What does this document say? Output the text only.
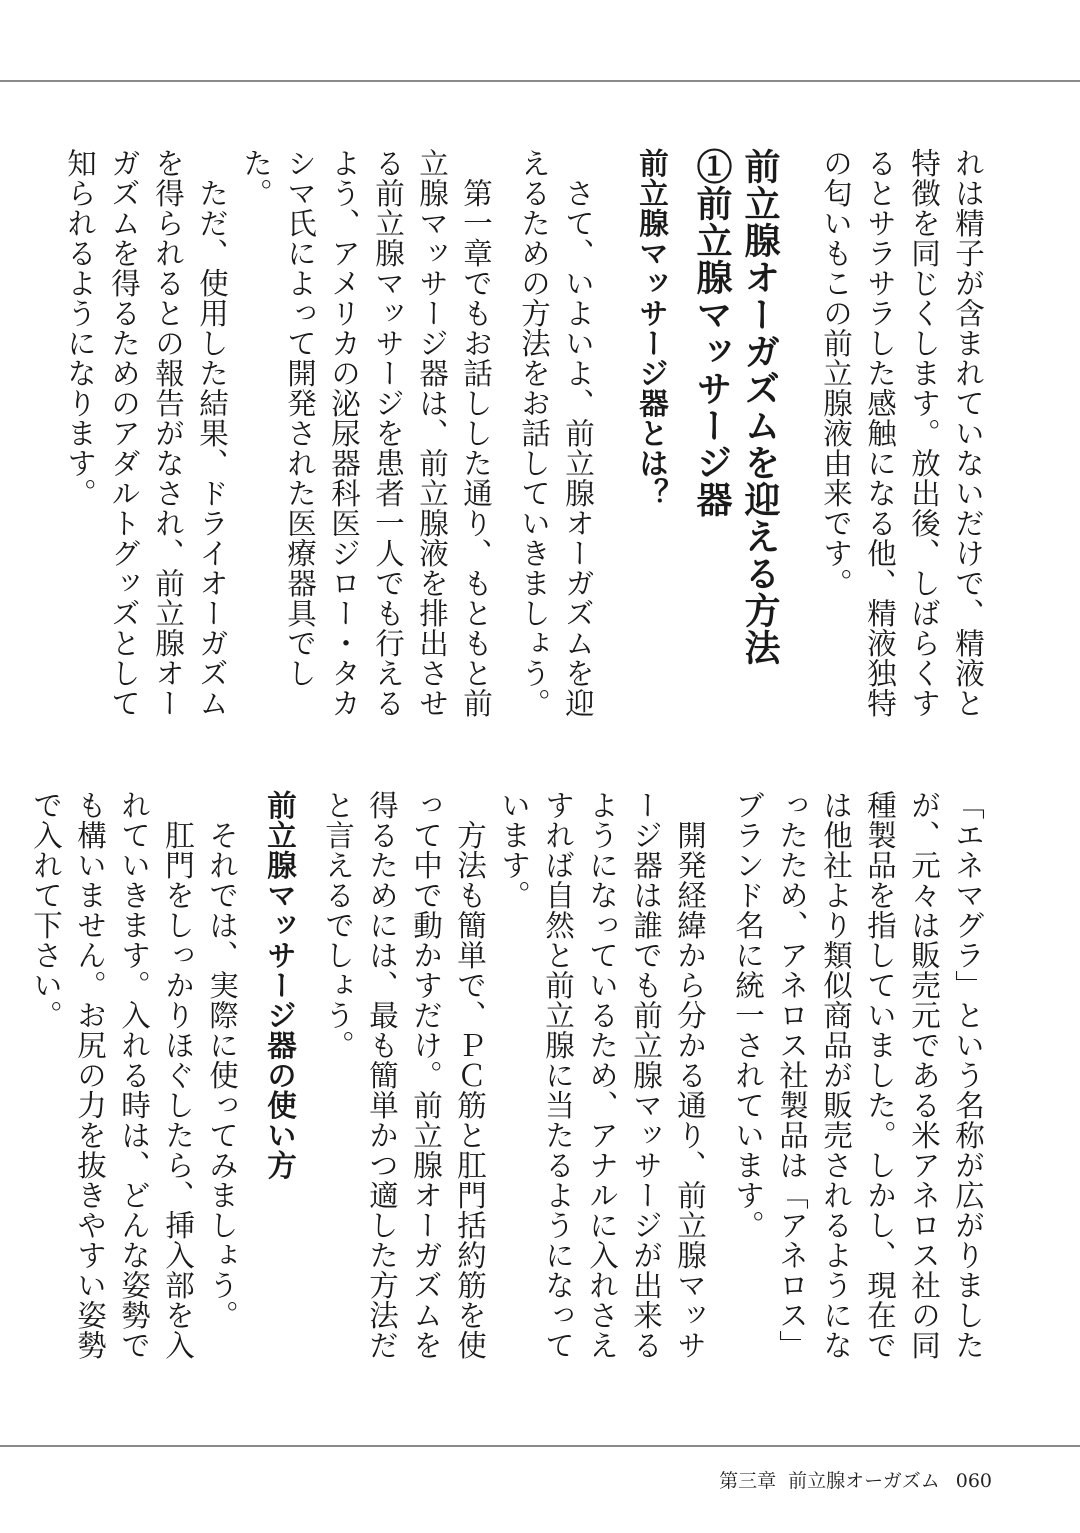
れは精子が含まれていないだけで、精液と特徴を同じくします。放出後、しばらくするとサラサラした感触になる他、精液独特の匂いもこの前立腺液由来です。

前立腺オーガズムを迎える方法
①前立腺マッサージ器
前立腺マッサージ器とは？

さて、いよいよ、前立腺オーガズムを迎えるための方法をお話していきましょう。

第一章でもお話しした通り、もともと前立腺マッサージ器は、前立腺液を排出させる前立腺マッサージを患者一人でも行えるよう、アメリカの泌尿器科医ジロー・タカシマ氏によって開発された医療器具でした。

ただ、使用した結果、ドライオーガズムを得られるとの報告がなされ、前立腺オーガズムを得るためのアダルトグッズとして知られるようになります。

「エネマグラ」という名称が広がりましたが、元々は販売元である米アネロス社の同種製品を指していました。しかし、現在では他社より類似商品が販売されるようになったため、アネロス社製品は「アネロス」ブランド名に統一されています。

開発経緯から分かる通り、前立腺マッサージ器は誰でも前立腺マッサージが出来るようになっているため、アナルに入れさえすれば自然と前立腺に当たるようになっています。

方法も簡単で、ＰＣ筋と肛門括約筋を使って中で動かすだけ。前立腺オーガズムを得るためには、最も簡単かつ適した方法だと言えるでしょう。

前立腺マッサージ器の使い方

それでは、実際に使ってみましょう。

肛門をしっかりほぐしたら、挿入部を入れていきます。入れる時は、どんな姿勢でも構いません。お尻の力を抜きやすい姿勢で入れて下さい。

第三章 前立腺オーガズム 060
